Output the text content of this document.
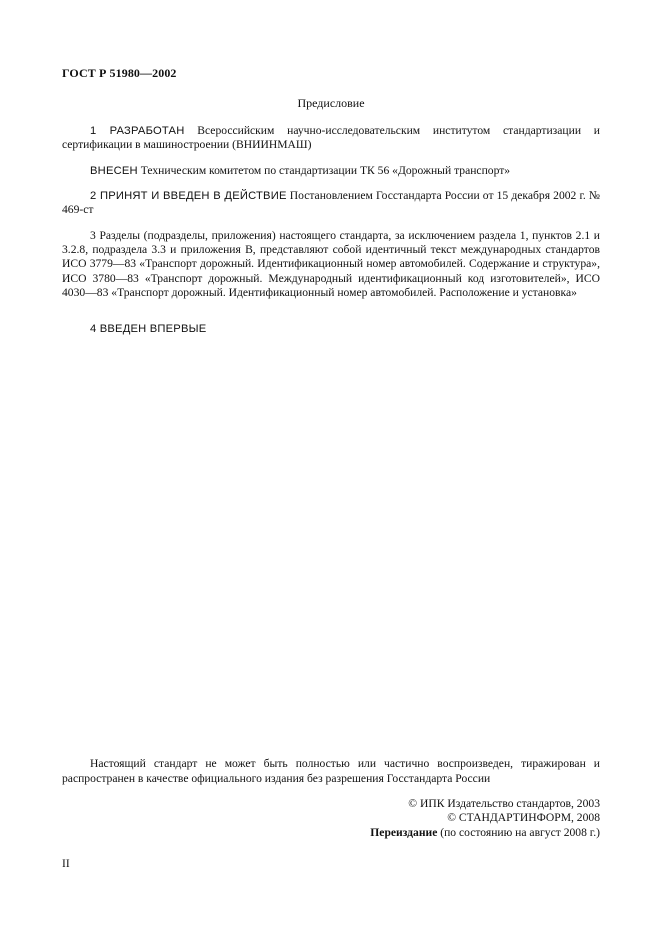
ГОСТ Р 51980—2002
Предисловие
1 РАЗРАБОТАН Всероссийским научно-исследовательским институтом стандартизации и сертификации в машиностроении (ВНИИНМАШ)
ВНЕСЕН Техническим комитетом по стандартизации ТК 56 «Дорожный транспорт»
2 ПРИНЯТ И ВВЕДЕН В ДЕЙСТВИЕ Постановлением Госстандарта России от 15 декабря 2002 г. № 469-ст
3 Разделы (подразделы, приложения) настоящего стандарта, за исключением раздела 1, пунктов 2.1 и 3.2.8, подраздела 3.3 и приложения В, представляют собой идентичный текст международных стандартов ИСО 3779—83 «Транспорт дорожный. Идентификационный номер автомобилей. Содержание и структура», ИСО 3780—83 «Транспорт дорожный. Международный идентификационный код изготовителей», ИСО 4030—83 «Транспорт дорожный. Идентификационный номер автомобилей. Расположение и установка»
4 ВВЕДЕН ВПЕРВЫЕ
Настоящий стандарт не может быть полностью или частично воспроизведен, тиражирован и распространен в качестве официального издания без разрешения Госстандарта России
© ИПК Издательство стандартов, 2003
© СТАНДАРТИНФОРМ, 2008
Переиздание (по состоянию на август 2008 г.)
II
